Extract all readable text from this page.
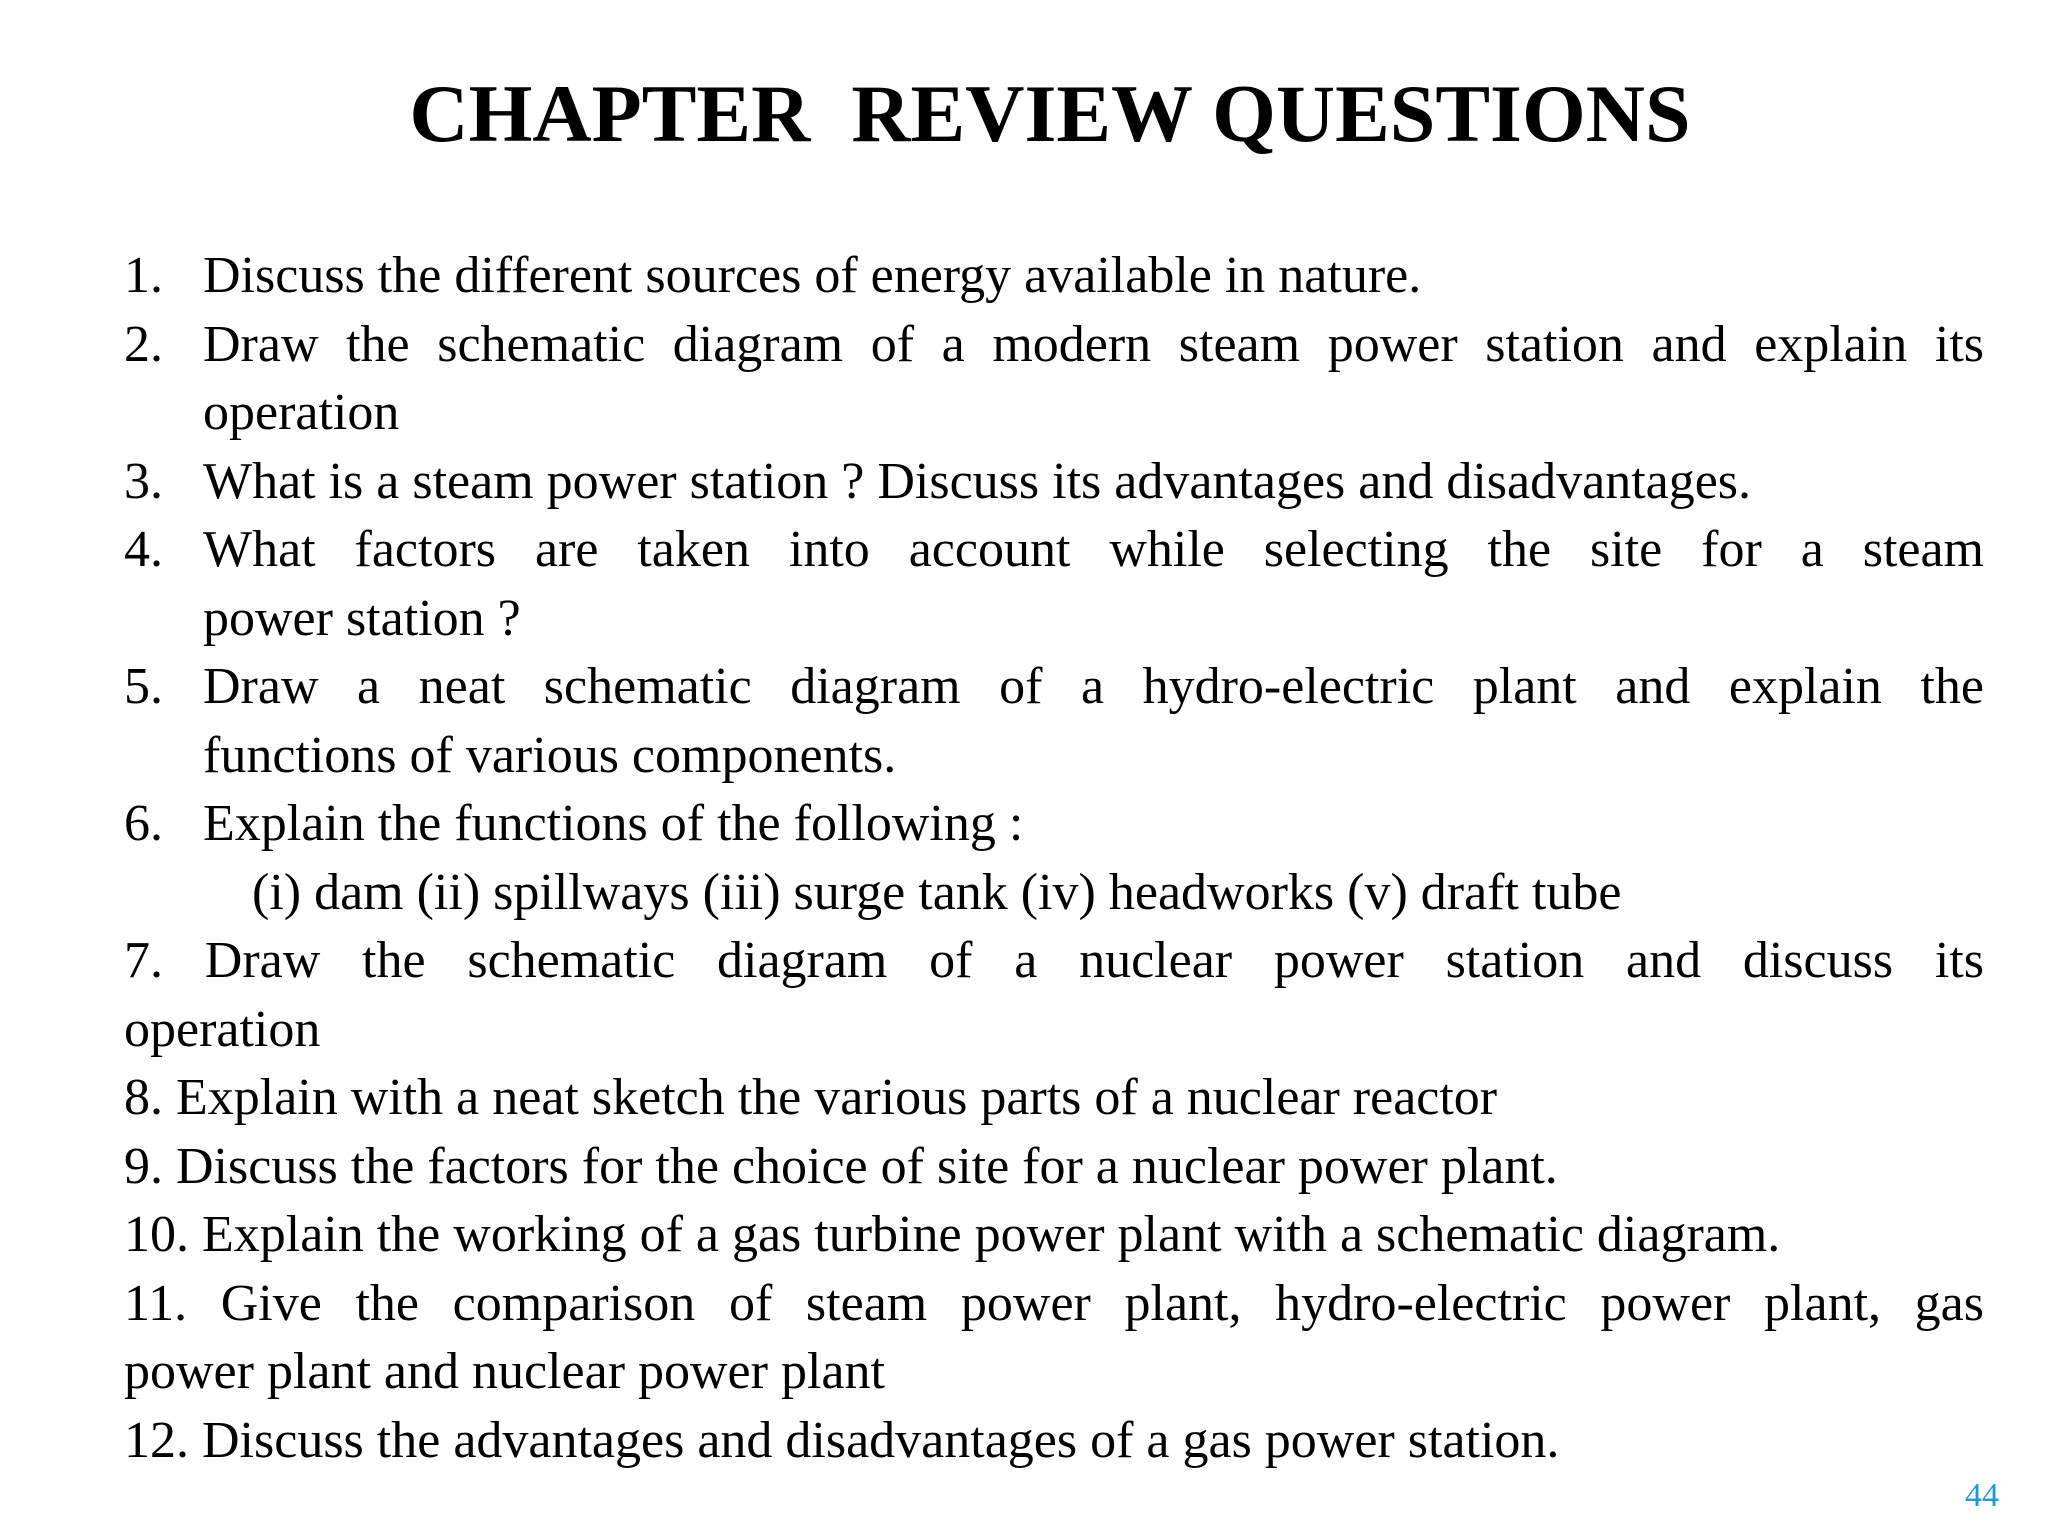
CHAPTER  REVIEW QUESTIONS
1. Discuss the different sources of energy available in nature.
2. Draw the schematic diagram of a modern steam power station and explain its
operation
3. What is a steam power station ? Discuss its advantages and disadvantages.
4. What factors are taken into account while selecting the site for a steam
power station ?
5. Draw a neat schematic diagram of a hydro-electric plant and explain the
functions of various components.
6. Explain the functions of the following :
(i) dam (ii) spillways (iii) surge tank (iv) headworks (v) draft tube
7. Draw the schematic diagram of a nuclear power station and discuss its
operation
8. Explain with a neat sketch the various parts of a nuclear reactor
9. Discuss the factors for the choice of site for a nuclear power plant.
10. Explain the working of a gas turbine power plant with a schematic diagram.
11. Give the comparison of steam power plant, hydro-electric power plant, gas
power plant and nuclear power plant
12. Discuss the advantages and disadvantages of a gas power station.
44
